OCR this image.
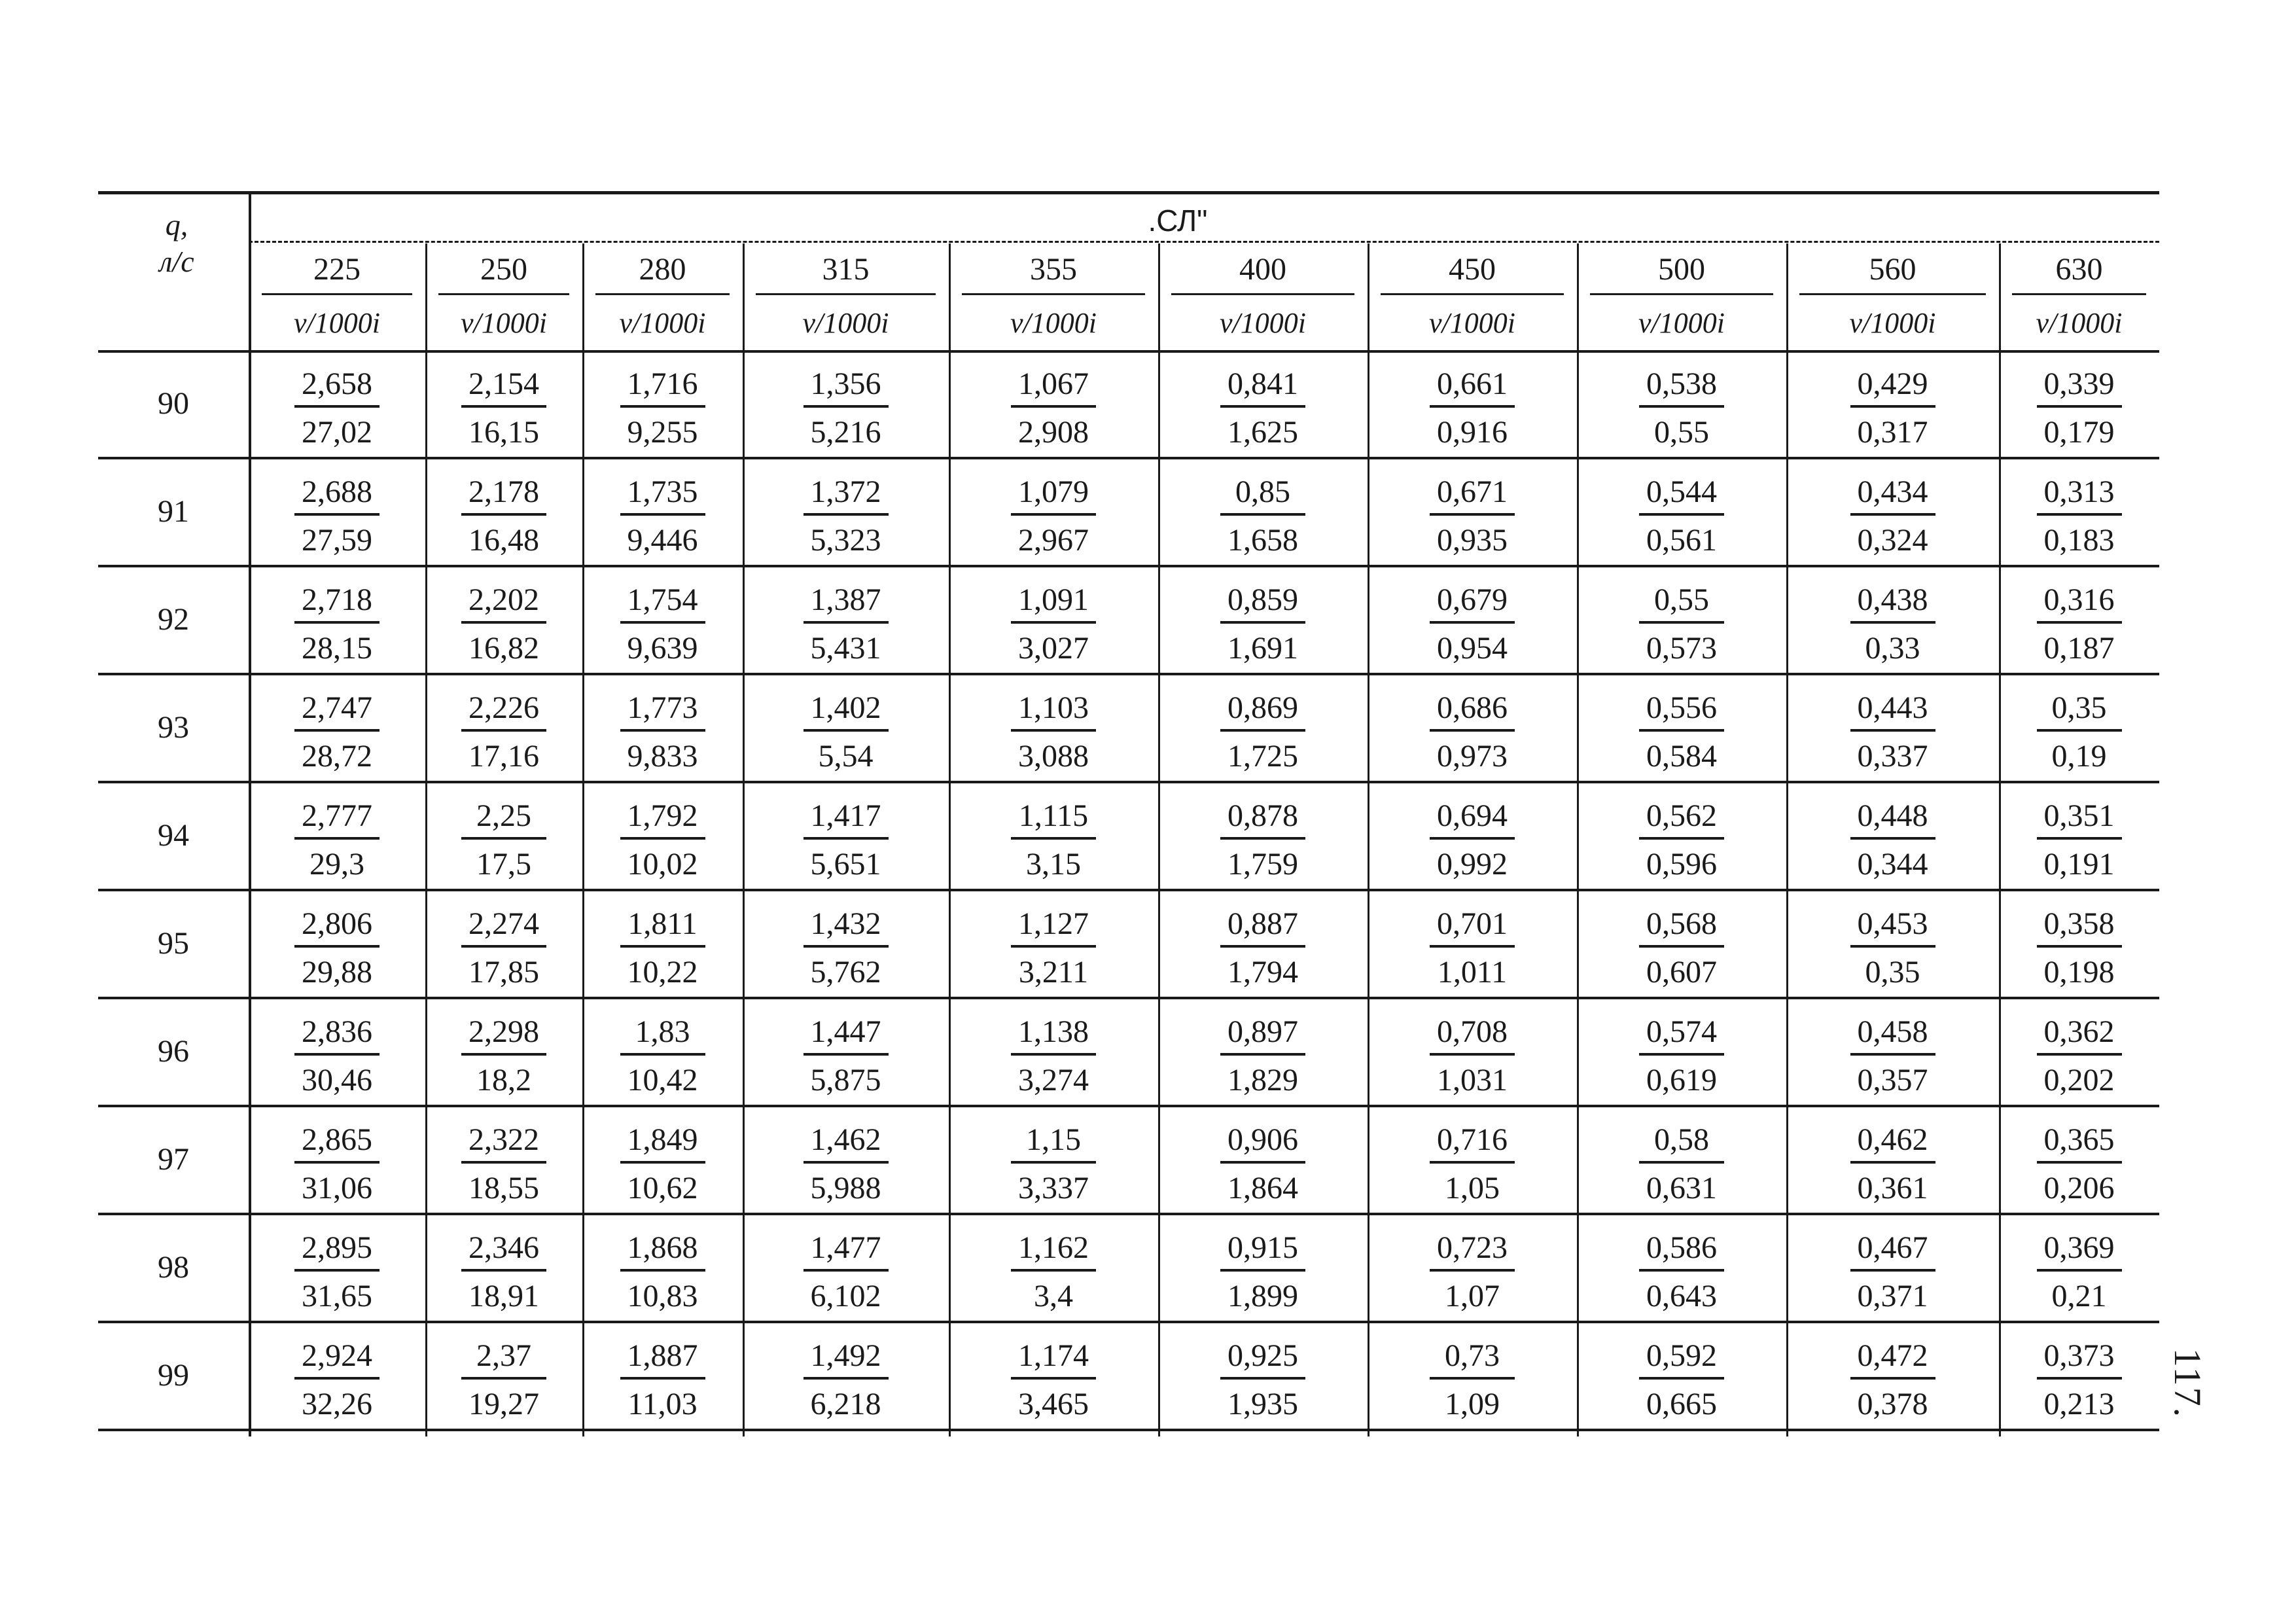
q,
л/с
.СЛ"
117.
225
v/1000i
250
v/1000i
280
v/1000i
315
v/1000i
355
v/1000i
400
v/1000i
450
v/1000i
500
v/1000i
560
v/1000i
630
v/1000i
90
2,658
27,02
2,154
16,15
1,716
9,255
1,356
5,216
1,067
2,908
0,841
1,625
0,661
0,916
0,538
0,55
0,429
0,317
0,339
0,179
91
2,688
27,59
2,178
16,48
1,735
9,446
1,372
5,323
1,079
2,967
0,85
1,658
0,671
0,935
0,544
0,561
0,434
0,324
0,313
0,183
92
2,718
28,15
2,202
16,82
1,754
9,639
1,387
5,431
1,091
3,027
0,859
1,691
0,679
0,954
0,55
0,573
0,438
0,33
0,316
0,187
93
2,747
28,72
2,226
17,16
1,773
9,833
1,402
5,54
1,103
3,088
0,869
1,725
0,686
0,973
0,556
0,584
0,443
0,337
0,35
0,19
94
2,777
29,3
2,25
17,5
1,792
10,02
1,417
5,651
1,115
3,15
0,878
1,759
0,694
0,992
0,562
0,596
0,448
0,344
0,351
0,191
95
2,806
29,88
2,274
17,85
1,811
10,22
1,432
5,762
1,127
3,211
0,887
1,794
0,701
1,011
0,568
0,607
0,453
0,35
0,358
0,198
96
2,836
30,46
2,298
18,2
1,83
10,42
1,447
5,875
1,138
3,274
0,897
1,829
0,708
1,031
0,574
0,619
0,458
0,357
0,362
0,202
97
2,865
31,06
2,322
18,55
1,849
10,62
1,462
5,988
1,15
3,337
0,906
1,864
0,716
1,05
0,58
0,631
0,462
0,361
0,365
0,206
98
2,895
31,65
2,346
18,91
1,868
10,83
1,477
6,102
1,162
3,4
0,915
1,899
0,723
1,07
0,586
0,643
0,467
0,371
0,369
0,21
99
2,924
32,26
2,37
19,27
1,887
11,03
1,492
6,218
1,174
3,465
0,925
1,935
0,73
1,09
0,592
0,665
0,472
0,378
0,373
0,213
